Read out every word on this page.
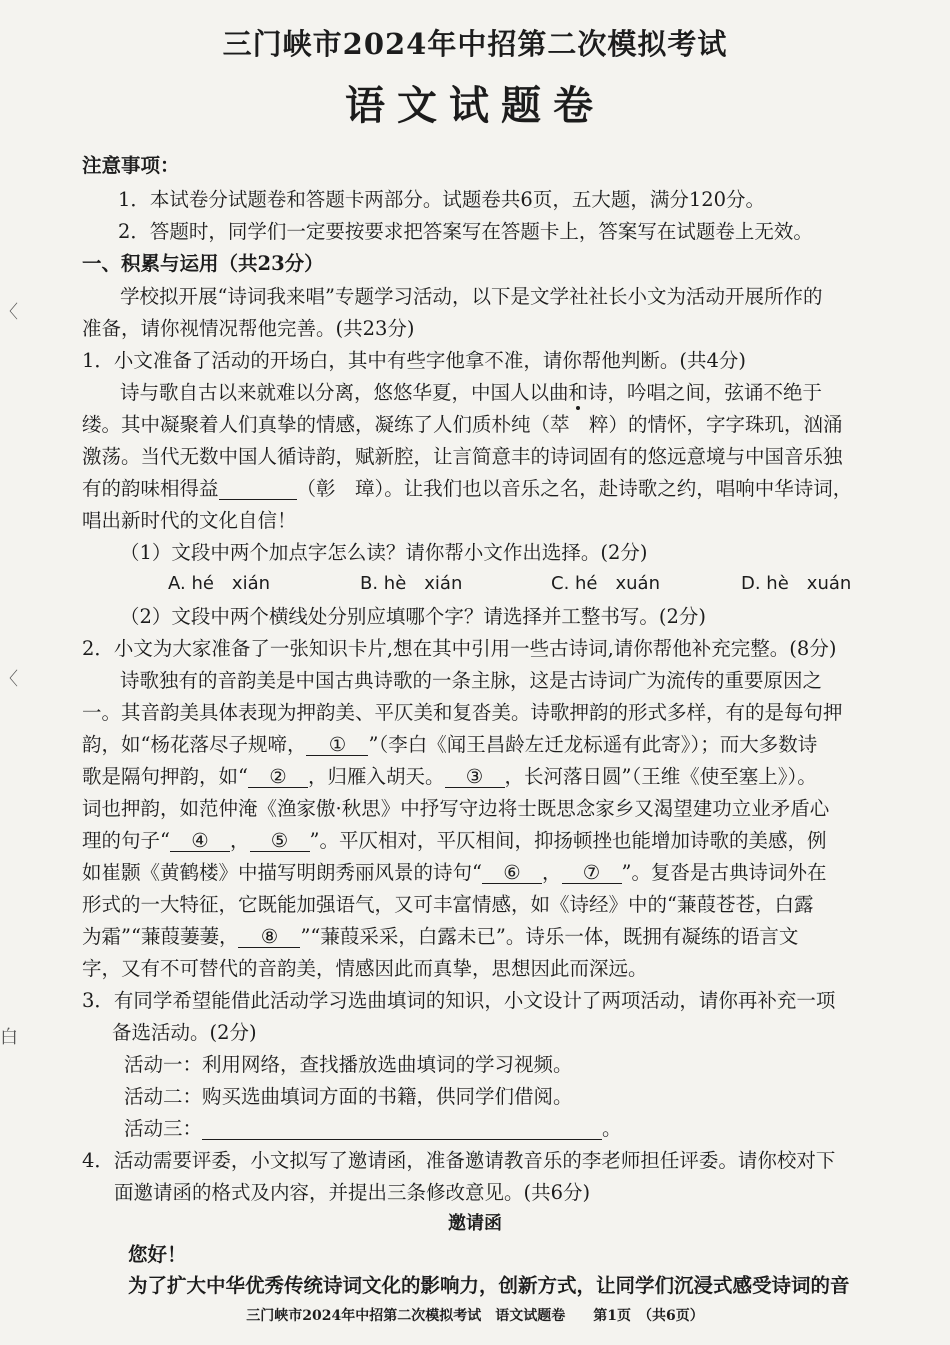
三门峡市2024年中招第二次模拟考试
语文试题卷
注意事项：
1．本试卷分试题卷和答题卡两部分。试题卷共6页，五大题，满分120分。
2．答题时，同学们一定要按要求把答案写在答题卡上，答案写在试题卷上无效。
一、积累与运用（共23分）
学校拟开展“诗词我来唱”专题学习活动，以下是文学社社长小文为活动开展所作的
准备，请你视情况帮他完善。(共23分)
1．小文准备了活动的开场白，其中有些字他拿不准，请你帮他判断。(共4分)
诗与歌自古以来就难以分离，悠悠华夏，中国人以曲和诗，吟唱之间，弦诵不绝于
缕。其中凝聚着人们真挚的情感，凝练了人们质朴纯（萃　粹）的情怀，字字珠玑，汹涌
激荡。当代无数中国人循诗韵，赋新腔，让言简意丰的诗词固有的悠远意境与中国音乐独
有的韵味相得益	（彰　璋）。让我们也以音乐之名，赴诗歌之约，唱响中华诗词，
唱出新时代的文化自信！
（1）文段中两个加点字怎么读？请你帮小文作出选择。(2分)
A. hé　xián	B. hè　xián	C. hé　xuán	D. hè　xuán
（2）文段中两个横线处分别应填哪个字？请选择并工整书写。(2分)
2．小文为大家准备了一张知识卡片,想在其中引用一些古诗词,请你帮他补充完整。(8分)
诗歌独有的音韵美是中国古典诗歌的一条主脉，这是古诗词广为流传的重要原因之
一。其音韵美具体表现为押韵美、平仄美和复沓美。诗歌押韵的形式多样，有的是每句押
韵，如“杨花落尽子规啼， ① ”（李白《闻王昌龄左迁龙标遥有此寄》）；而大多数诗
歌是隔句押韵，如“ ② ，归雁入胡天。 ③ ，长河落日圆”（王维《使至塞上》）。
词也押韵，如范仲淹《渔家傲·秋思》中抒写守边将士既思念家乡又渴望建功立业矛盾心
理的句子“ ④ ， ⑤ ”。平仄相对，平仄相间，抑扬顿挫也能增加诗歌的美感，例
如崔颢《黄鹤楼》中描写明朗秀丽风景的诗句“ ⑥ ， ⑦ ”。复沓是古典诗词外在
形式的一大特征，它既能加强语气，又可丰富情感，如《诗经》中的“蒹葭苍苍，白露
为霜”“蒹葭萋萋， ⑧ ”“蒹葭采采，白露未已”。诗乐一体，既拥有凝练的语言文
字，又有不可替代的音韵美，情感因此而真挚，思想因此而深远。
3．有同学希望能借此活动学习选曲填词的知识，小文设计了两项活动，请你再补充一项
备选活动。(2分)
活动一：利用网络，查找播放选曲填词的学习视频。
活动二：购买选曲填词方面的书籍，供同学们借阅。
活动三：	。
4．活动需要评委，小文拟写了邀请函，准备邀请教音乐的李老师担任评委。请你校对下
面邀请函的格式及内容，并提出三条修改意见。(共6分)
邀请函
您好！
为了扩大中华优秀传统诗词文化的影响力，创新方式，让同学们沉浸式感受诗词的音
三门峡市2024年中招第二次模拟考试　语文试题卷　　第1页　（共6页）
〈
〈
白
